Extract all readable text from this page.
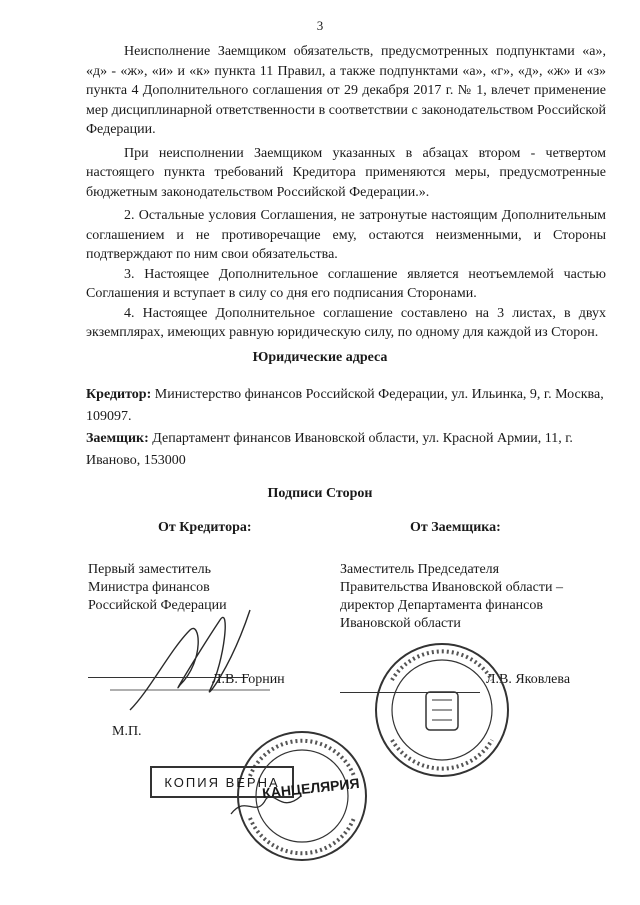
3

Неисполнение Заемщиком обязательств, предусмотренных подпунктами «а», «д» - «ж», «и» и «к» пункта 11 Правил, а также подпунктами «а», «г», «д», «ж» и «з» пункта 4 Дополнительного соглашения от 29 декабря 2017 г. № 1, влечет применение мер дисциплинарной ответственности в соответствии с законодательством Российской Федерации.

При неисполнении Заемщиком указанных в абзацах втором - четвертом настоящего пункта требований Кредитора применяются меры, предусмотренные бюджетным законодательством Российской Федерации.».

2. Остальные условия Соглашения, не затронутые настоящим Дополнительным соглашением и не противоречащие ему, остаются неизменными, и Стороны подтверждают по ним свои обязательства.

3. Настоящее Дополнительное соглашение является неотъемлемой частью Соглашения и вступает в силу со дня его подписания Сторонами.

4. Настоящее Дополнительное соглашение составлено на 3 листах, в двух экземплярах, имеющих равную юридическую силу, по одному для каждой из Сторон.

Юридические адреса
Кредитор: Министерство финансов Российской Федерации, ул. Ильинка, 9, г. Москва, 109097.
Заемщик: Департамент финансов Ивановской области, ул. Красной Армии, 11, г. Иваново, 153000
Подписи Сторон
От Кредитора:	От Заемщика:
Первый заместитель
Министра финансов
Российской Федерации
Заместитель Председателя
Правительства Ивановской области –
директор Департамента финансов
Ивановской области
Л.В. Горнин	Л.В. Яковлева
М.П.
КОПИЯ ВЕРНА
КАНЦЕЛЯРИЯ
